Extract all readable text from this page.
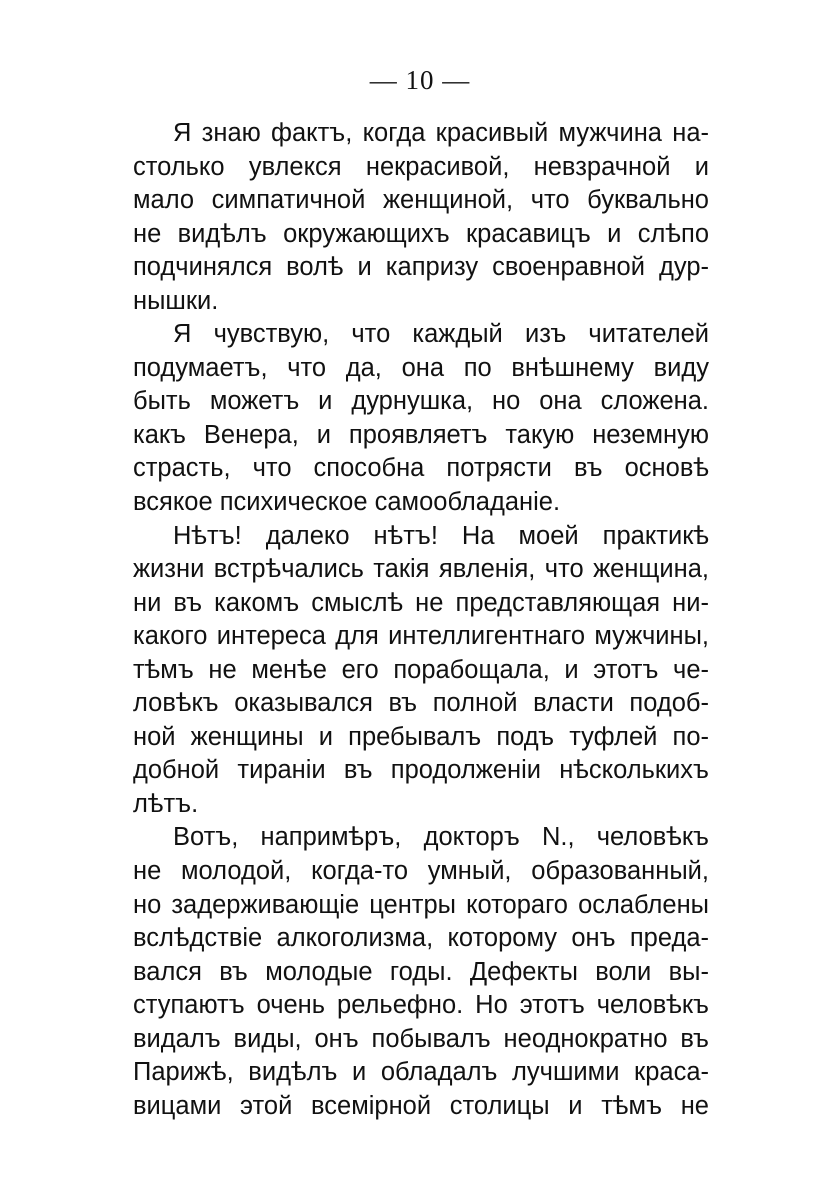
— 10 —
Я знаю фактъ, когда красивый мужчина на-
столько увлекся некрасивой, невзрачной и
мало симпатичной женщиной, что буквально
не видѣлъ окружающихъ красавицъ и слѣпо
подчинялся волѣ и капризу своенравной дур-
нышки.
Я чувствую, что каждый изъ читателей
подумаетъ, что да, она по внѣшнему виду
быть можетъ и дурнушка, но она сложена.
какъ Венера, и проявляетъ такую неземную
страсть, что способна потрясти въ основѣ
всякое психическое самообладаніе.
Нѣтъ! далеко нѣтъ! На моей практикѣ
жизни встрѣчались такія явленія, что женщина,
ни въ какомъ смыслѣ не представляющая ни-
какого интереса для интеллигентнаго мужчины,
тѣмъ не менѣе его порабощала, и этотъ че-
ловѣкъ оказывался въ полной власти подоб-
ной женщины и пребывалъ подъ туфлей по-
добной тираніи въ продолженіи нѣсколькихъ
лѣтъ.
Вотъ, напримѣръ, докторъ N., человѣкъ
не молодой, когда-то умный, образованный,
но задерживающіе центры котораго ослаблены
вслѣдствіе алкоголизма, которому онъ преда-
вался въ молодые годы. Дефекты воли вы-
ступаютъ очень рельефно. Но этотъ человѣкъ
видалъ виды, онъ побывалъ неоднократно въ
Парижѣ, видѣлъ и обладалъ лучшими краса-
вицами этой всемірной столицы и тѣмъ не
